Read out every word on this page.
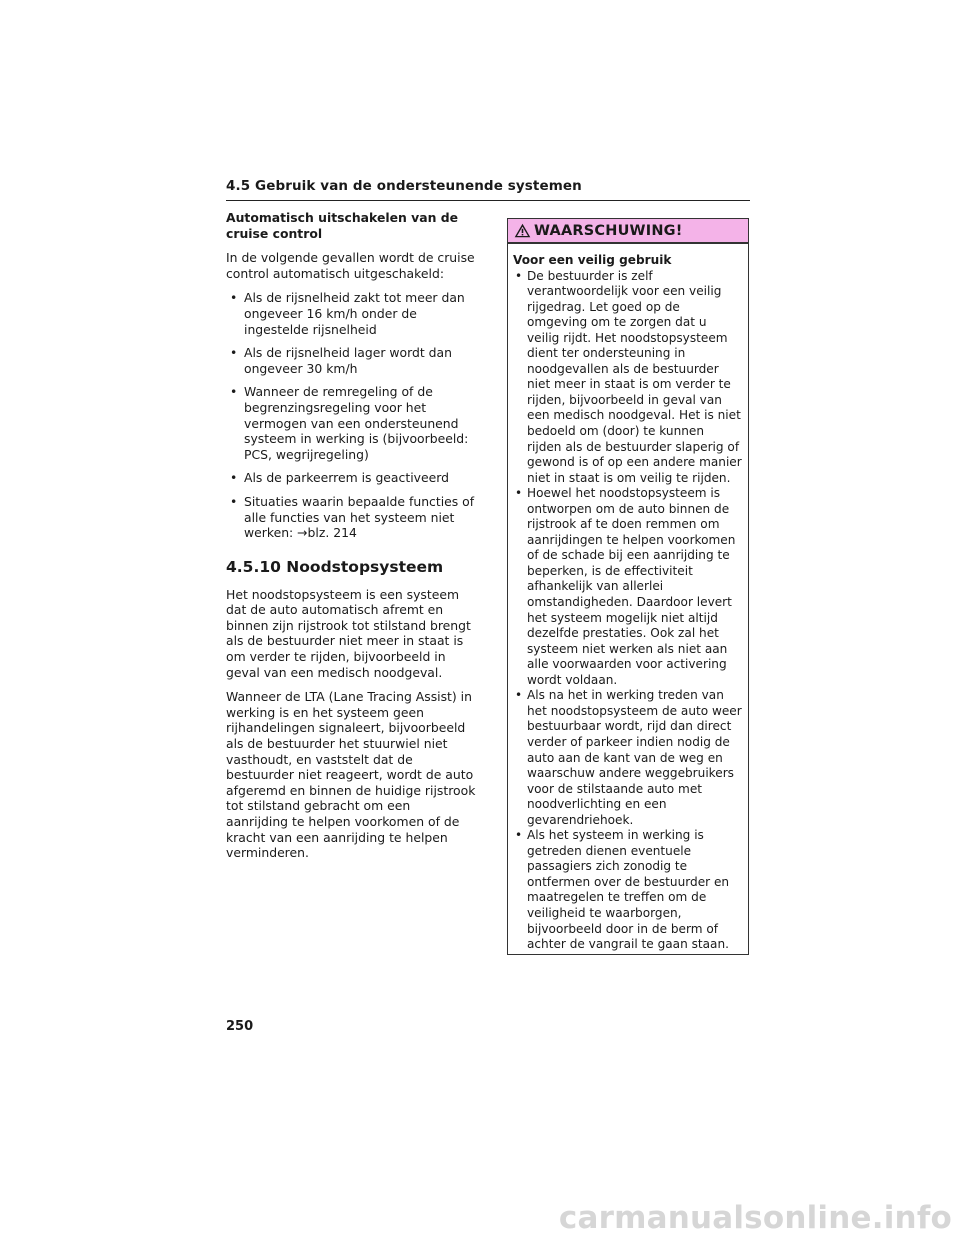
4.5 Gebruik van de ondersteunende systemen
Automatisch uitschakelen van de cruise control

In de volgende gevallen wordt de cruise control automatisch uitgeschakeld:

• Als de rijsnelheid zakt tot meer dan ongeveer 16 km/h onder de ingestelde rijsnelheid
• Als de rijsnelheid lager wordt dan ongeveer 30 km/h
• Wanneer de remregeling of de begrenzingsregeling voor het vermogen van een ondersteunend systeem in werking is (bijvoorbeeld: PCS, wegrijregeling)
• Als de parkeerrem is geactiveerd
• Situaties waarin bepaalde functies of alle functies van het systeem niet werken: →blz. 214
4.5.10 Noodstopsysteem

Het noodstopsysteem is een systeem dat de auto automatisch afremt en binnen zijn rijstrook tot stilstand brengt als de bestuurder niet meer in staat is om verder te rijden, bijvoorbeeld in geval van een medisch noodgeval.

Wanneer de LTA (Lane Tracing Assist) in werking is en het systeem geen rijhandelingen signaleert, bijvoorbeeld als de bestuurder het stuurwiel niet vasthoudt, en vaststelt dat de bestuurder niet reageert, wordt de auto afgeremd en binnen de huidige rijstrook tot stilstand gebracht om een aanrijding te helpen voorkomen of de kracht van een aanrijding te helpen verminderen.

WAARSCHUWING!
Voor een veilig gebruik
• De bestuurder is zelf verantwoordelijk voor een veilig rijgedrag. Let goed op de omgeving om te zorgen dat u veilig rijdt. Het noodstopsysteem dient ter ondersteuning in noodgevallen als de bestuurder niet meer in staat is om verder te rijden, bijvoorbeeld in geval van een medisch noodgeval. Het is niet bedoeld om (door) te kunnen rijden als de bestuurder slaperig of gewond is of op een andere manier niet in staat is om veilig te rijden.
• Hoewel het noodstopsysteem is ontworpen om de auto binnen de rijstrook af te doen remmen om aanrijdingen te helpen voorkomen of de schade bij een aanrijding te beperken, is de effectiviteit afhankelijk van allerlei omstandigheden. Daardoor levert het systeem mogelijk niet altijd dezelfde prestaties. Ook zal het systeem niet werken als niet aan alle voorwaarden voor activering wordt voldaan.
• Als na het in werking treden van het noodstopsysteem de auto weer bestuurbaar wordt, rijd dan direct verder of parkeer indien nodig de auto aan de kant van de weg en waarschuw andere weggebruikers voor de stilstaande auto met noodverlichting en een gevarendriehoek.
• Als het systeem in werking is getreden dienen eventuele passagiers zich zonodig te ontfermen over de bestuurder en maatregelen te treffen om de veiligheid te waarborgen, bijvoorbeeld door in de berm of achter de vangrail te gaan staan.
250
carmanualsonline.info
